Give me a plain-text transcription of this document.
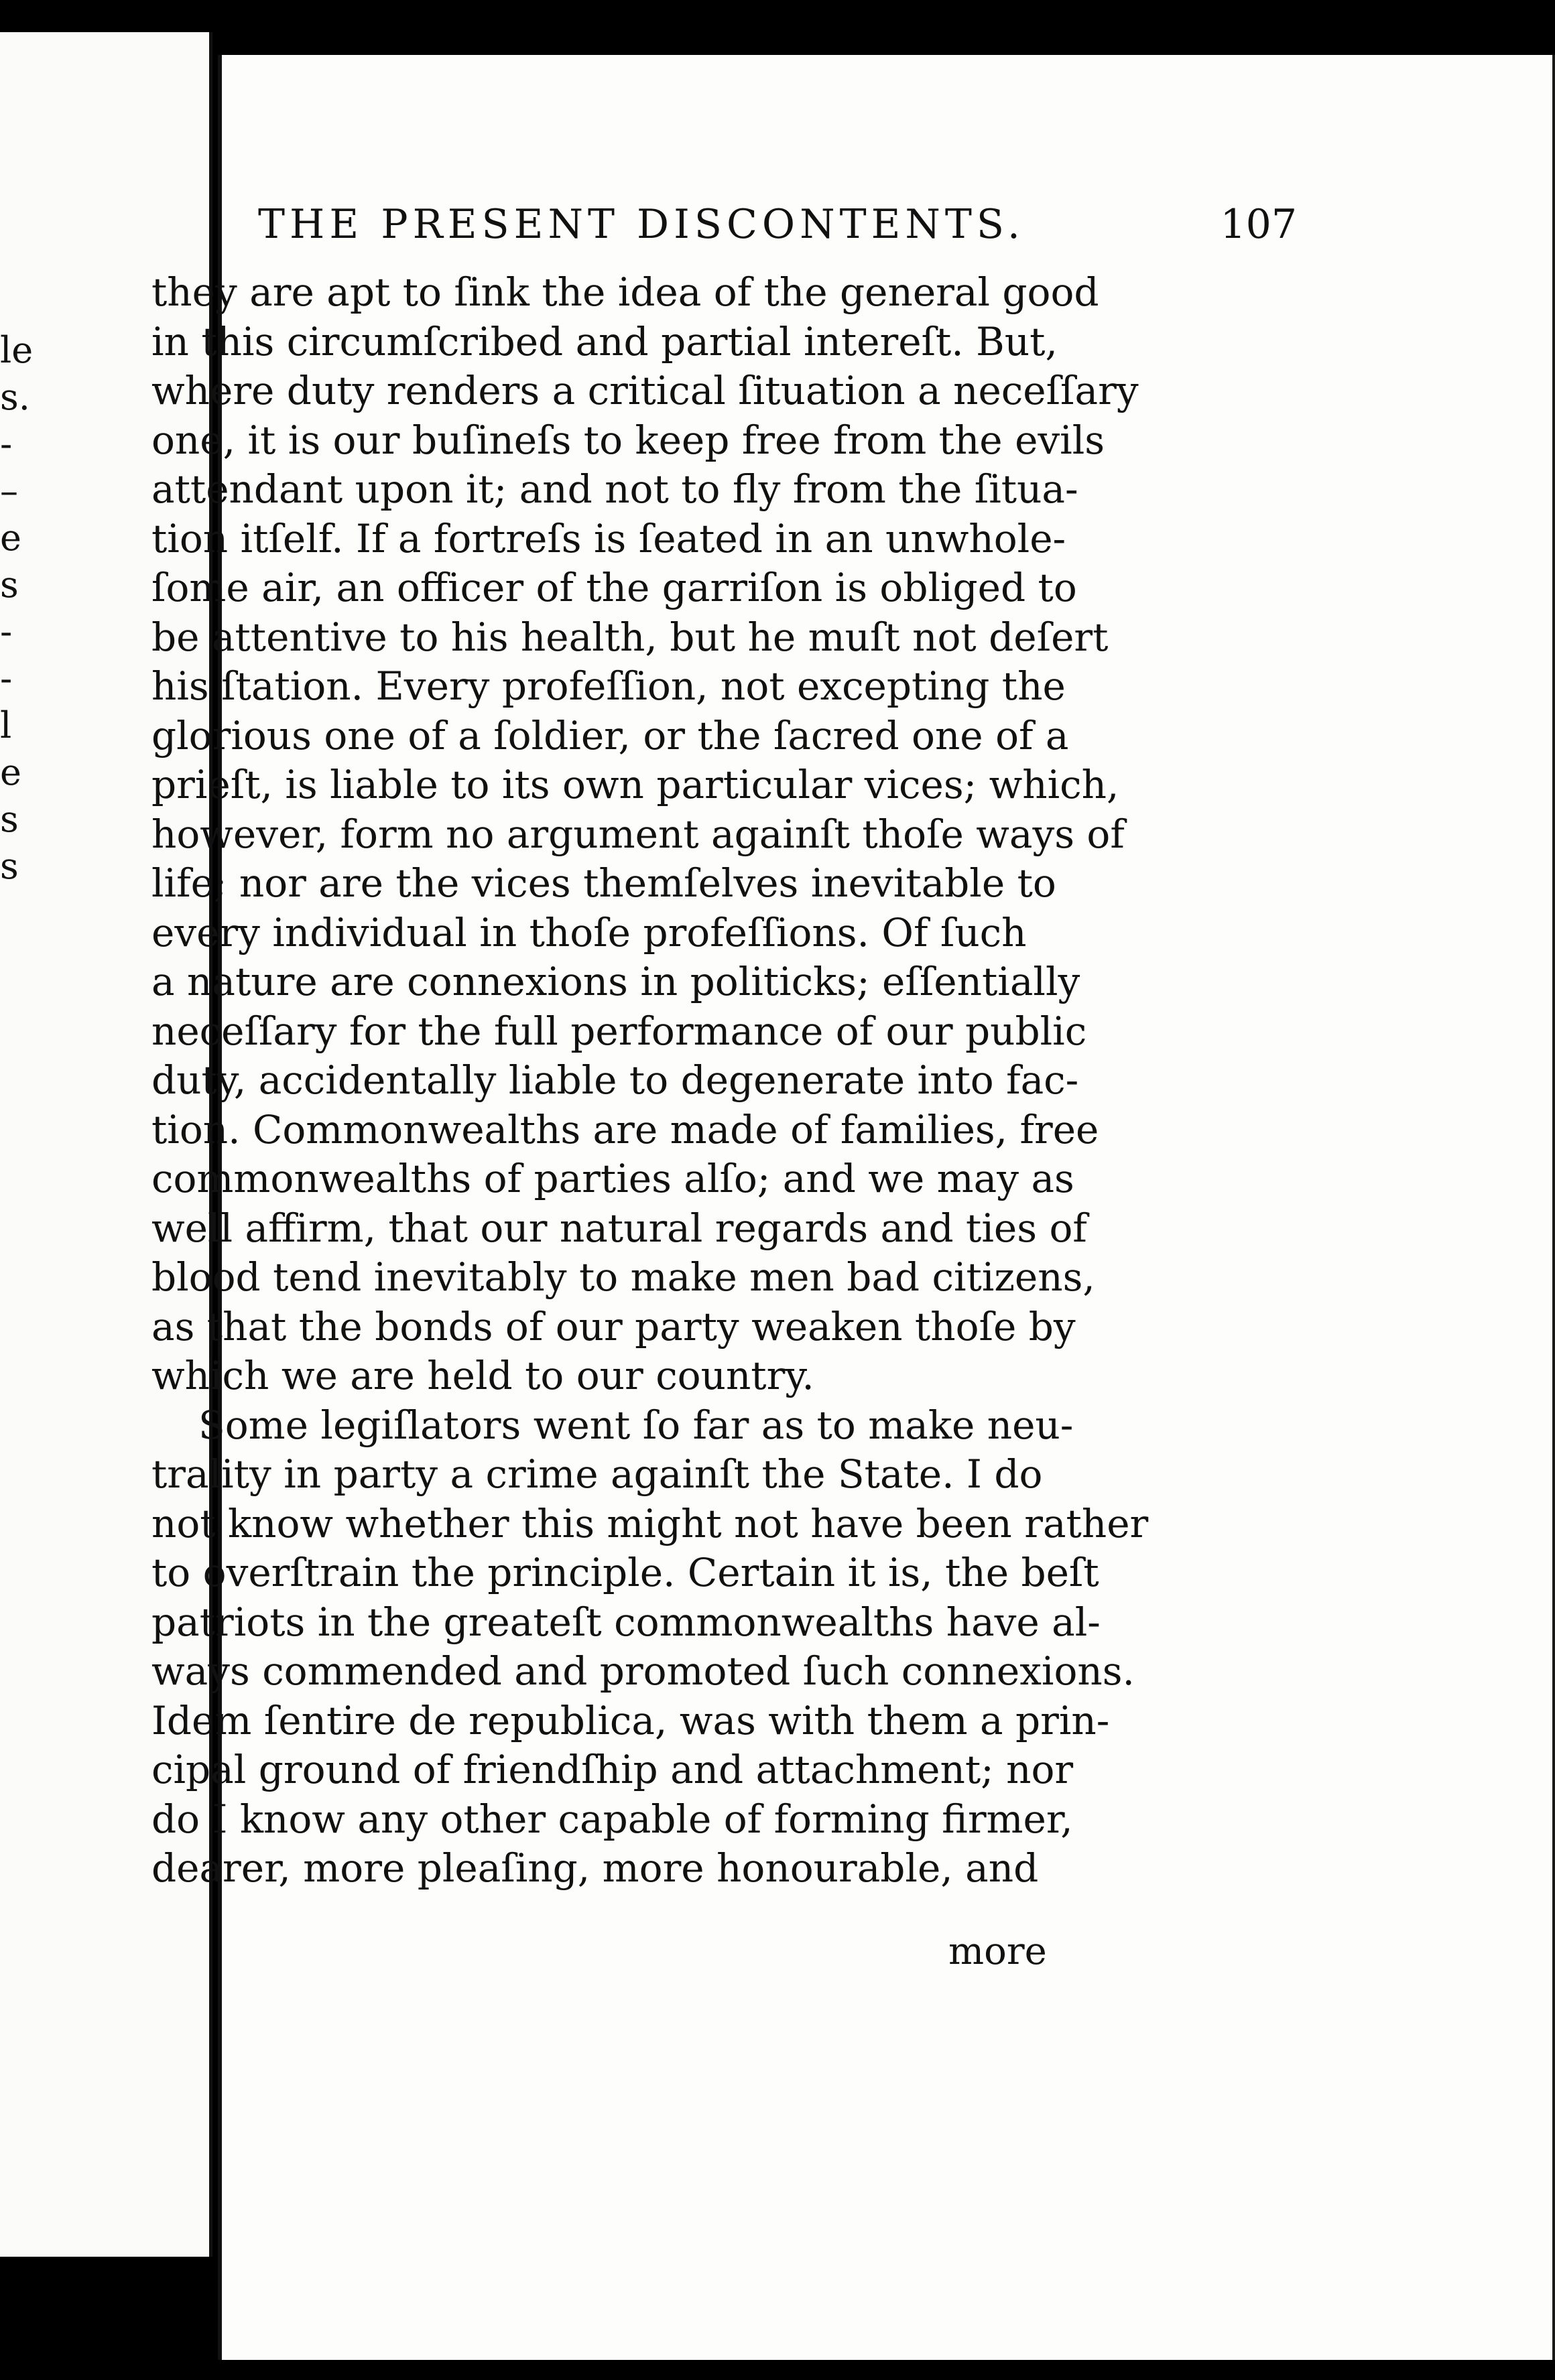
le
s.
-
–
e
s
-
-
l
e
s
s
THE PRESENT DISCONTENTS.	107
they are apt to ſink the idea of the general good
in this circumſcribed and partial intereſt. But,
where duty renders a critical ſituation a neceſſary
one, it is our buſineſs to keep free from the evils
attendant upon it; and not to fly from the ſitua-
tion itſelf. If a fortreſs is ſeated in an unwhole-
ſome air, an officer of the garriſon is obliged to
be attentive to his health, but he muſt not deſert
his ſtation. Every profeſſion, not excepting the
glorious one of a ſoldier, or the ſacred one of a
prieſt, is liable to its own particular vices; which,
however, form no argument againſt thoſe ways of
life; nor are the vices themſelves inevitable to
every individual in thoſe profeſſions. Of ſuch
a nature are connexions in politicks; eſſentially
neceſſary for the full performance of our public
duty, accidentally liable to degenerate into fac-
tion. Commonwealths are made of families, free
commonwealths of parties alſo; and we may as
well affirm, that our natural regards and ties of
blood tend inevitably to make men bad citizens,
as that the bonds of our party weaken thoſe by
which we are held to our country.
Some legiſlators went ſo far as to make neu-
trality in party a crime againſt the State. I do
not know whether this might not have been rather
to overſtrain the principle. Certain it is, the beſt
patriots in the greateſt commonwealths have al-
ways commended and promoted ſuch connexions.
Idem ſentire de republica, was with them a prin-
cipal ground of friendſhip and attachment; nor
do I know any other capable of forming firmer,
dearer, more pleaſing, more honourable, and
more
